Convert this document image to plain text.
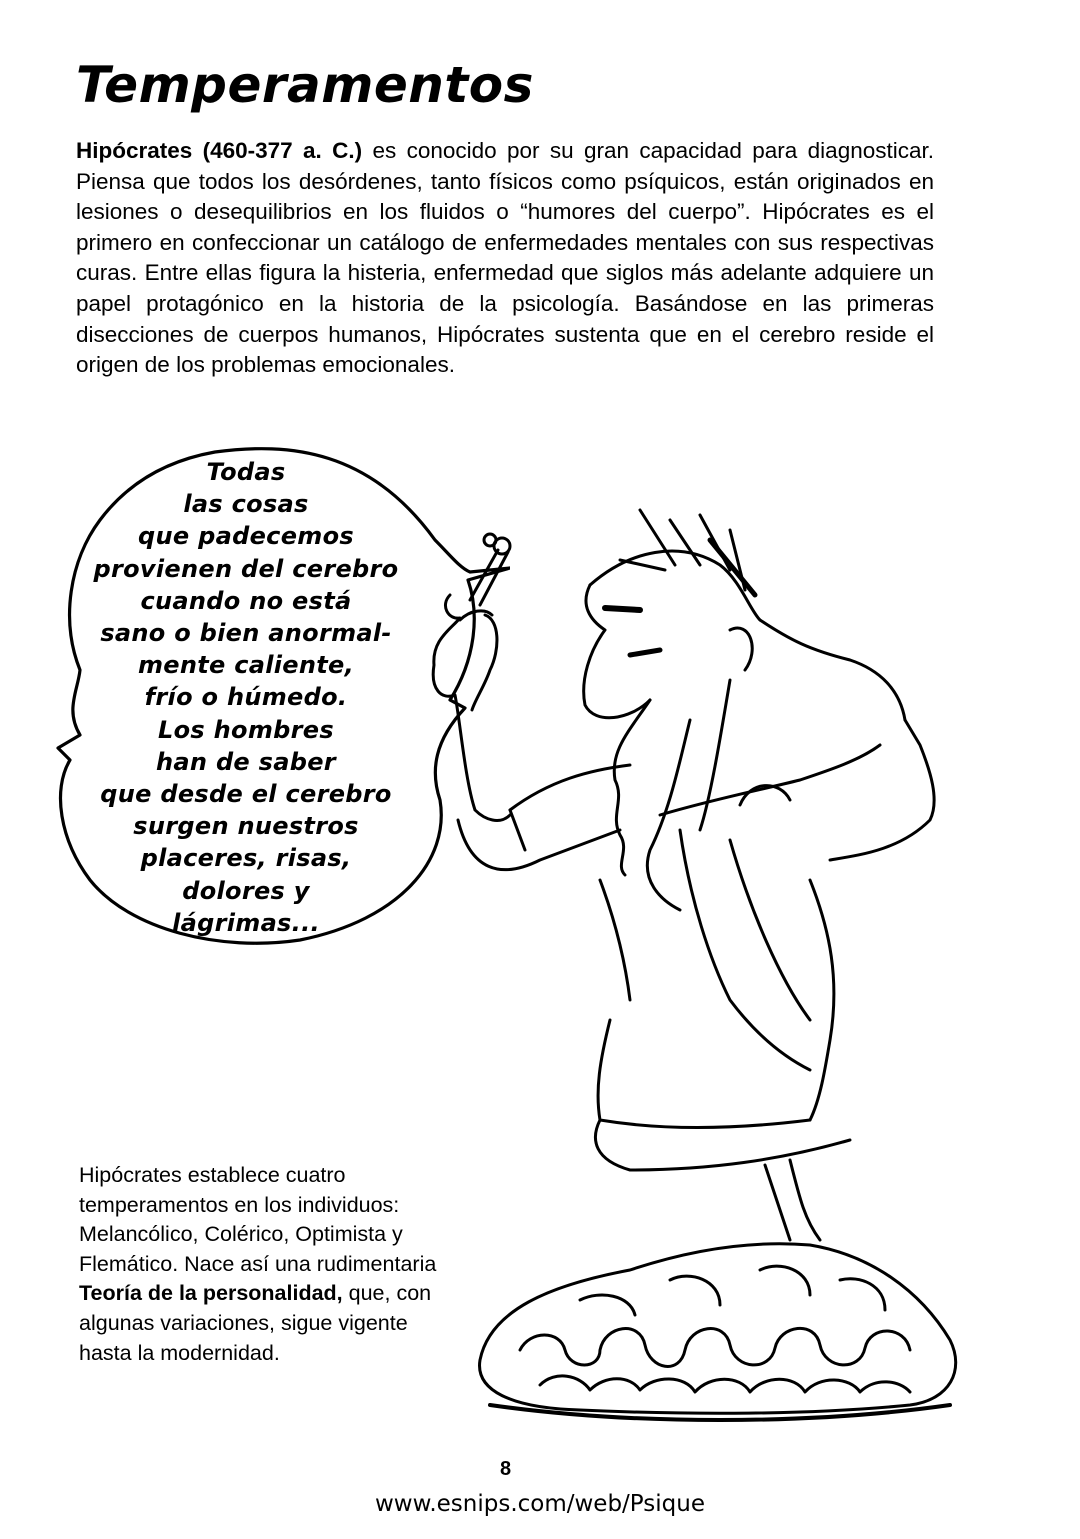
Temperamentos

Hipócrates (460-377 a. C.) es conocido por su gran capacidad para diagnosticar. Piensa que todos los desórdenes, tanto físicos como psíquicos, están originados en lesiones o desequilibrios en los fluidos o “humores del cuerpo”. Hipócrates es el primero en confeccionar un catálogo de enfermedades mentales con sus respectivas curas. Entre ellas figura la histeria, enfermedad que siglos más adelante adquiere un papel protagónico en la historia de la psicología. Basándose en las primeras disecciones de cuerpos humanos, Hipócrates sustenta que en el cerebro reside el origen de los problemas emocionales.

Todas
las cosas
que padecemos
provienen del cerebro
cuando no está
sano o bien anormal-
mente caliente,
frío o húmedo.
Los hombres
han de saber
que desde el cerebro
surgen nuestros
placeres, risas,
dolores y
lágrimas...

Hipócrates establece cuatro temperamentos en los individuos: Melancólico, Colérico, Optimista y Flemático. Nace así una rudimentaria Teoría de la personalidad, que, con algunas variaciones, sigue vigente hasta la modernidad.

8
www.esnips.com/web/Psique
